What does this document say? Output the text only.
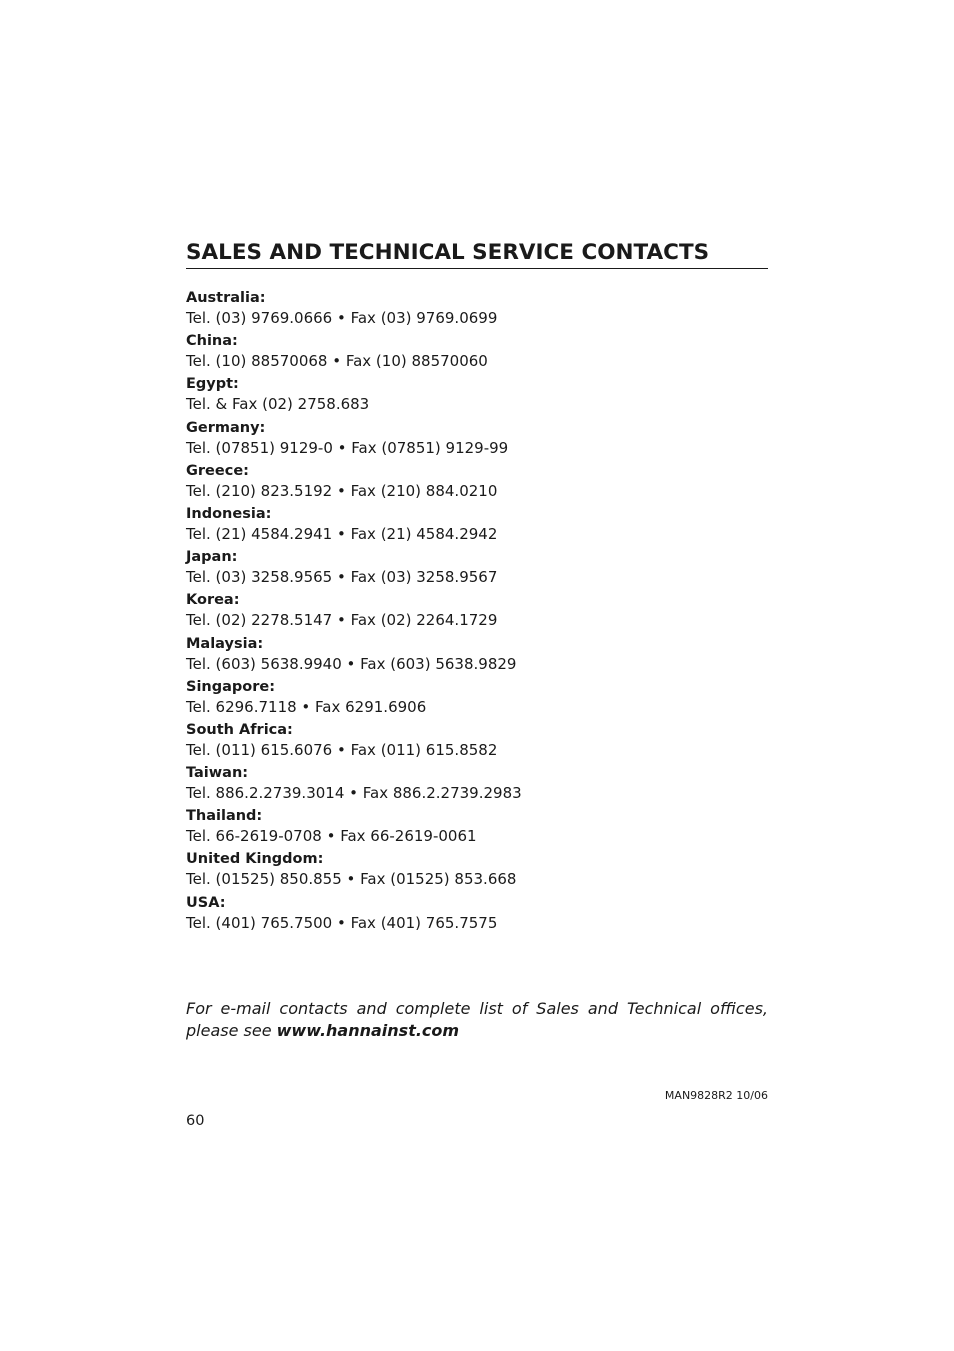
SALES AND TECHNICAL SERVICE CONTACTS
Australia:
Tel. (03) 9769.0666 • Fax (03) 9769.0699
China:
Tel. (10) 88570068 • Fax (10) 88570060
Egypt:
Tel. & Fax (02) 2758.683
Germany:
Tel. (07851) 9129-0 • Fax (07851) 9129-99
Greece:
Tel. (210) 823.5192 • Fax (210) 884.0210
Indonesia:
Tel. (21) 4584.2941 • Fax (21) 4584.2942
Japan:
Tel. (03) 3258.9565 • Fax (03) 3258.9567
Korea:
Tel. (02) 2278.5147 • Fax (02) 2264.1729
Malaysia:
Tel. (603) 5638.9940 • Fax (603) 5638.9829
Singapore:
Tel. 6296.7118 • Fax 6291.6906
South Africa:
Tel. (011) 615.6076 • Fax (011) 615.8582
Taiwan:
Tel. 886.2.2739.3014 • Fax 886.2.2739.2983
Thailand:
Tel. 66-2619-0708 • Fax 66-2619-0061
United Kingdom:
Tel. (01525) 850.855 • Fax (01525) 853.668
USA:
Tel. (401) 765.7500 • Fax (401) 765.7575

For e-mail contacts and complete list of Sales and Technical offices, please see www.hannainst.com

MAN9828R2 10/06
60
